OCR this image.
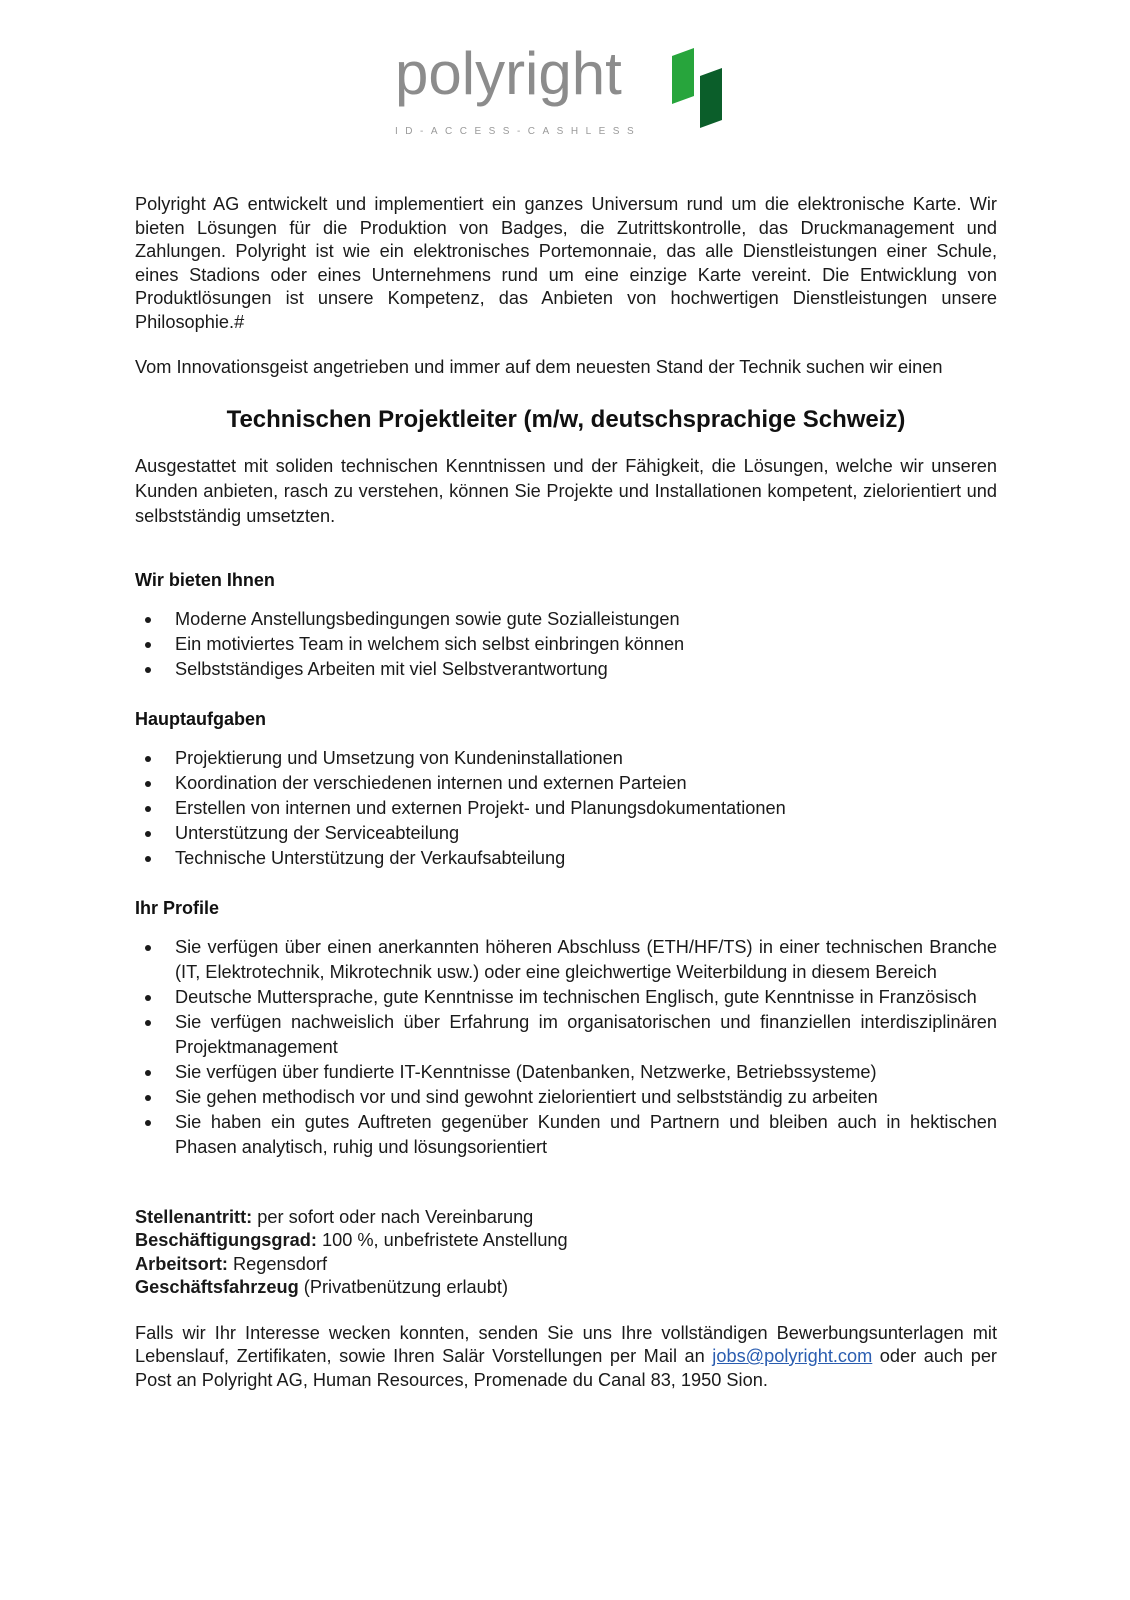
polyright
ID-ACCESS-CASHLESS

Polyright AG entwickelt und implementiert ein ganzes Universum rund um die elektronische Karte. Wir bieten Lösungen für die Produktion von Badges, die Zutrittskontrolle, das Druckmanagement und Zahlungen. Polyright ist wie ein elektronisches Portemonnaie, das alle Dienstleistungen einer Schule, eines Stadions oder eines Unternehmens rund um eine einzige Karte vereint. Die Entwicklung von Produktlösungen ist unsere Kompetenz, das Anbieten von hochwertigen Dienstleistungen unsere Philosophie.#

Vom Innovationsgeist angetrieben und immer auf dem neuesten Stand der Technik suchen wir einen

Technischen Projektleiter (m/w, deutschsprachige Schweiz)

Ausgestattet mit soliden technischen Kenntnissen und der Fähigkeit, die Lösungen, welche wir unseren Kunden anbieten, rasch zu verstehen, können Sie Projekte und Installationen kompetent, zielorientiert und selbstständig umsetzten.

Wir bieten Ihnen
Moderne Anstellungsbedingungen sowie gute Sozialleistungen
Ein motiviertes Team in welchem sich selbst einbringen können
Selbstständiges Arbeiten mit viel Selbstverantwortung
Hauptaufgaben
Projektierung und Umsetzung von Kundeninstallationen
Koordination der verschiedenen internen und externen Parteien
Erstellen von internen und externen Projekt- und Planungsdokumentationen
Unterstützung der Serviceabteilung
Technische Unterstützung der Verkaufsabteilung
Ihr Profile
Sie verfügen über einen anerkannten höheren Abschluss (ETH/HF/TS) in einer technischen Branche (IT, Elektrotechnik, Mikrotechnik usw.) oder eine gleichwertige Weiterbildung in diesem Bereich
Deutsche Muttersprache, gute Kenntnisse im technischen Englisch, gute Kenntnisse in Französisch
Sie verfügen nachweislich über Erfahrung im organisatorischen und finanziellen interdisziplinären Projektmanagement
Sie verfügen über fundierte IT-Kenntnisse (Datenbanken, Netzwerke, Betriebssysteme)
Sie gehen methodisch vor und sind gewohnt zielorientiert und selbstständig zu arbeiten
Sie haben ein gutes Auftreten gegenüber Kunden und Partnern und bleiben auch in hektischen Phasen analytisch, ruhig und lösungsorientiert

Stellenantritt: per sofort oder nach Vereinbarung

Beschäftigungsgrad: 100 %, unbefristete Anstellung

Arbeitsort: Regensdorf

Geschäftsfahrzeug (Privatbenützung erlaubt)

Falls wir Ihr Interesse wecken konnten, senden Sie uns Ihre vollständigen Bewerbungsunterlagen mit Lebenslauf, Zertifikaten, sowie Ihren Salär Vorstellungen per Mail an jobs@polyright.com oder auch per Post an Polyright AG, Human Resources, Promenade du Canal 83, 1950 Sion.
